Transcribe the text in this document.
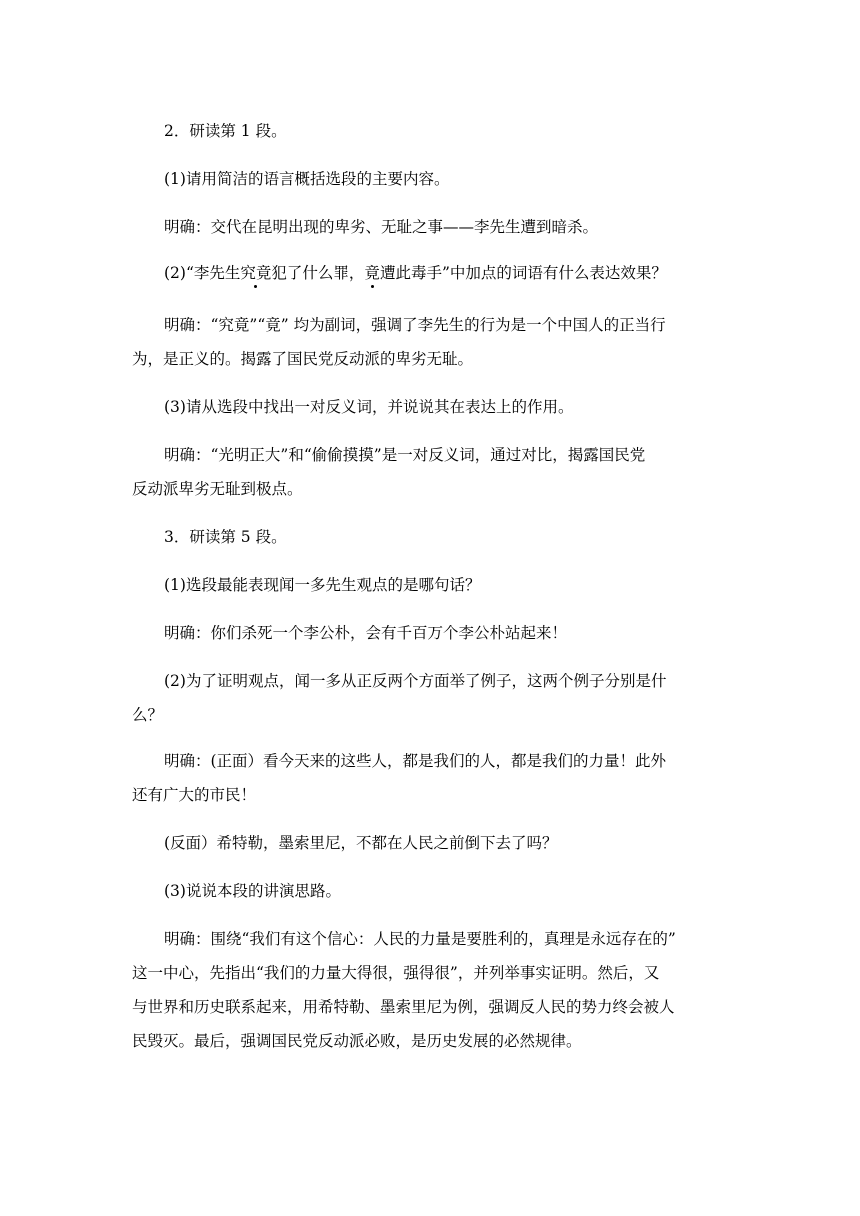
2．研读第 1 段。

(1)请用简洁的语言概括选段的主要内容。

明确：交代在昆明出现的卑劣、无耻之事——李先生遭到暗杀。

(2)“李先生究竟犯了什么罪，竟遭此毒手”中加点的词语有什么表达效果？

明确：“究竟”“竟” 均为副词，强调了李先生的行为是一个中国人的正当行

为，是正义的。揭露了国民党反动派的卑劣无耻。

(3)请从选段中找出一对反义词，并说说其在表达上的作用。

明确：“光明正大”和“偷偷摸摸”是一对反义词，通过对比，揭露国民党

反动派卑劣无耻到极点。

3．研读第 5 段。

(1)选段最能表现闻一多先生观点的是哪句话？

明确：你们杀死一个李公朴，会有千百万个李公朴站起来！

(2)为了证明观点，闻一多从正反两个方面举了例子，这两个例子分别是什

么？

明确：(正面）看今天来的这些人，都是我们的人，都是我们的力量！此外

还有广大的市民！

(反面）希特勒，墨索里尼，不都在人民之前倒下去了吗？

(3)说说本段的讲演思路。

明确：围绕“我们有这个信心：人民的力量是要胜利的，真理是永远存在的”

这一中心，先指出“我们的力量大得很，强得很”，并列举事实证明。然后，又

与世界和历史联系起来，用希特勒、墨索里尼为例，强调反人民的势力终会被人

民毁灭。最后，强调国民党反动派必败，是历史发展的必然规律。
